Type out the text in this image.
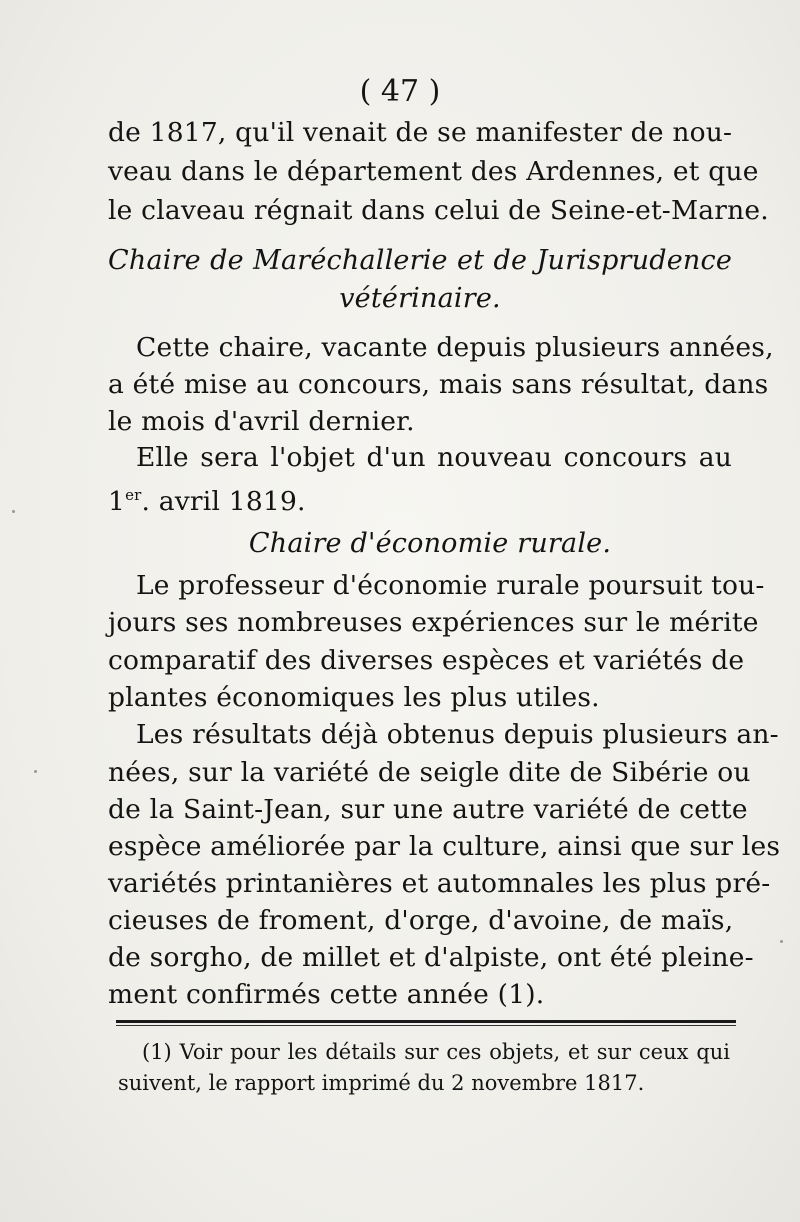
( 47 )
de 1817, qu'il venait de se manifester de nou-
veau dans le département des Ardennes, et que
le claveau régnait dans celui de Seine-et-Marne.
Chaire de Maréchallerie et de Jurisprudence
vétérinaire.
Cette chaire, vacante depuis plusieurs années,
a été mise au concours, mais sans résultat, dans
le mois d'avril dernier.
Elle sera l'objet d'un nouveau concours au
1er. avril 1819.
Chaire d'économie rurale.
Le professeur d'économie rurale poursuit tou-
jours ses nombreuses expériences sur le mérite
comparatif des diverses espèces et variétés de
plantes économiques les plus utiles.
Les résultats déjà obtenus depuis plusieurs an-
nées, sur la variété de seigle dite de Sibérie ou
de la Saint-Jean, sur une autre variété de cette
espèce améliorée par la culture, ainsi que sur les
variétés printanières et automnales les plus pré-
cieuses de froment, d'orge, d'avoine, de maïs,
de sorgho, de millet et d'alpiste, ont été pleine-
ment confirmés cette année (1).
(1) Voir pour les détails sur ces objets, et sur ceux qui
suivent, le rapport imprimé du 2 novembre 1817.
